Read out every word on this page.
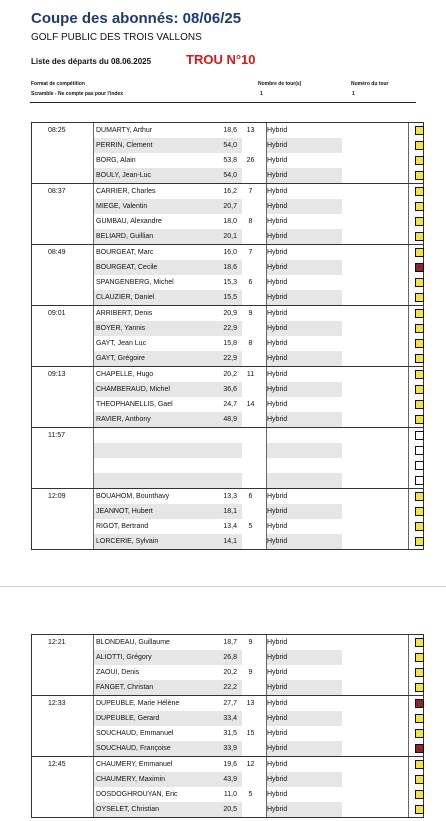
Coupe des abonnés: 08/06/25
GOLF PUBLIC DES TROIS VALLONS
Liste des départs du 08.06.2025	TROU N°10
Format de compétition
Scramble - Ne compte pas pour l'index
Nombre de tour(s)
1
Numéro du tour
1
08:25	DUMARTY, Arthur	18,6	13	Hybrid
PERRIN, Clement	54,0	Hybrid
BORG, Alain	53,8	26	Hybrid
BOULY, Jean-Luc	54,0	Hybrid
08:37	CARRIER, Charles	16,2	7	Hybrid
MIEGE, Valentin	20,7	Hybrid
GUMBAU, Alexandre	18,0	8	Hybrid
BELIARD, Guillian	20,1	Hybrid
08:49	BOURGEAT, Marc	16,0	7	Hybrid
BOURGEAT, Cecile	18,6	Hybrid
SPANGENBERG, Michel	15,3	6	Hybrid
CLAUZIER, Daniel	15,5	Hybrid
09:01	ARRIBERT, Denis	20,9	9	Hybrid
BOYER, Yannis	22,9	Hybrid
GAYT, Jean Luc	15,8	8	Hybrid
GAYT, Grégoire	22,9	Hybrid
09:13	CHAPELLE, Hugo	20,2	11	Hybrid
CHAMBERAUD, Michel	36,6	Hybrid
THEOPHANELLIS, Gael	24,7	14	Hybrid
RAVIER, Anthony	48,9	Hybrid
11:57
12:09	BOUAHOM, Bounthavy	13,3	6	Hybrid
JEANNOT, Hubert	18,1	Hybrid
RIGOT, Bertrand	13,4	5	Hybrid
LORCERIE, Sylvain	14,1	Hybrid
12:21	BLONDEAU, Guillaume	18,7	9	Hybrid
ALIOTTI, Grégory	26,8	Hybrid
ZAOUI, Denis	20,2	9	Hybrid
FANGET, Christan	22,2	Hybrid
12:33	DUPEUBLE, Marie Hélène	27,7	13	Hybrid
DUPEUBLE, Gerard	33,4	Hybrid
SOUCHAUD, Emmanuel	31,5	15	Hybrid
SOUCHAUD, Françoise	33,9	Hybrid
12:45	CHAUMERY, Emmanuel	19,6	12	Hybrid
CHAUMERY, Maximin	43,9	Hybrid
DOSDOGHROUYAN, Eric	11,0	5	Hybrid
OYSELET, Christian	20,5	Hybrid
